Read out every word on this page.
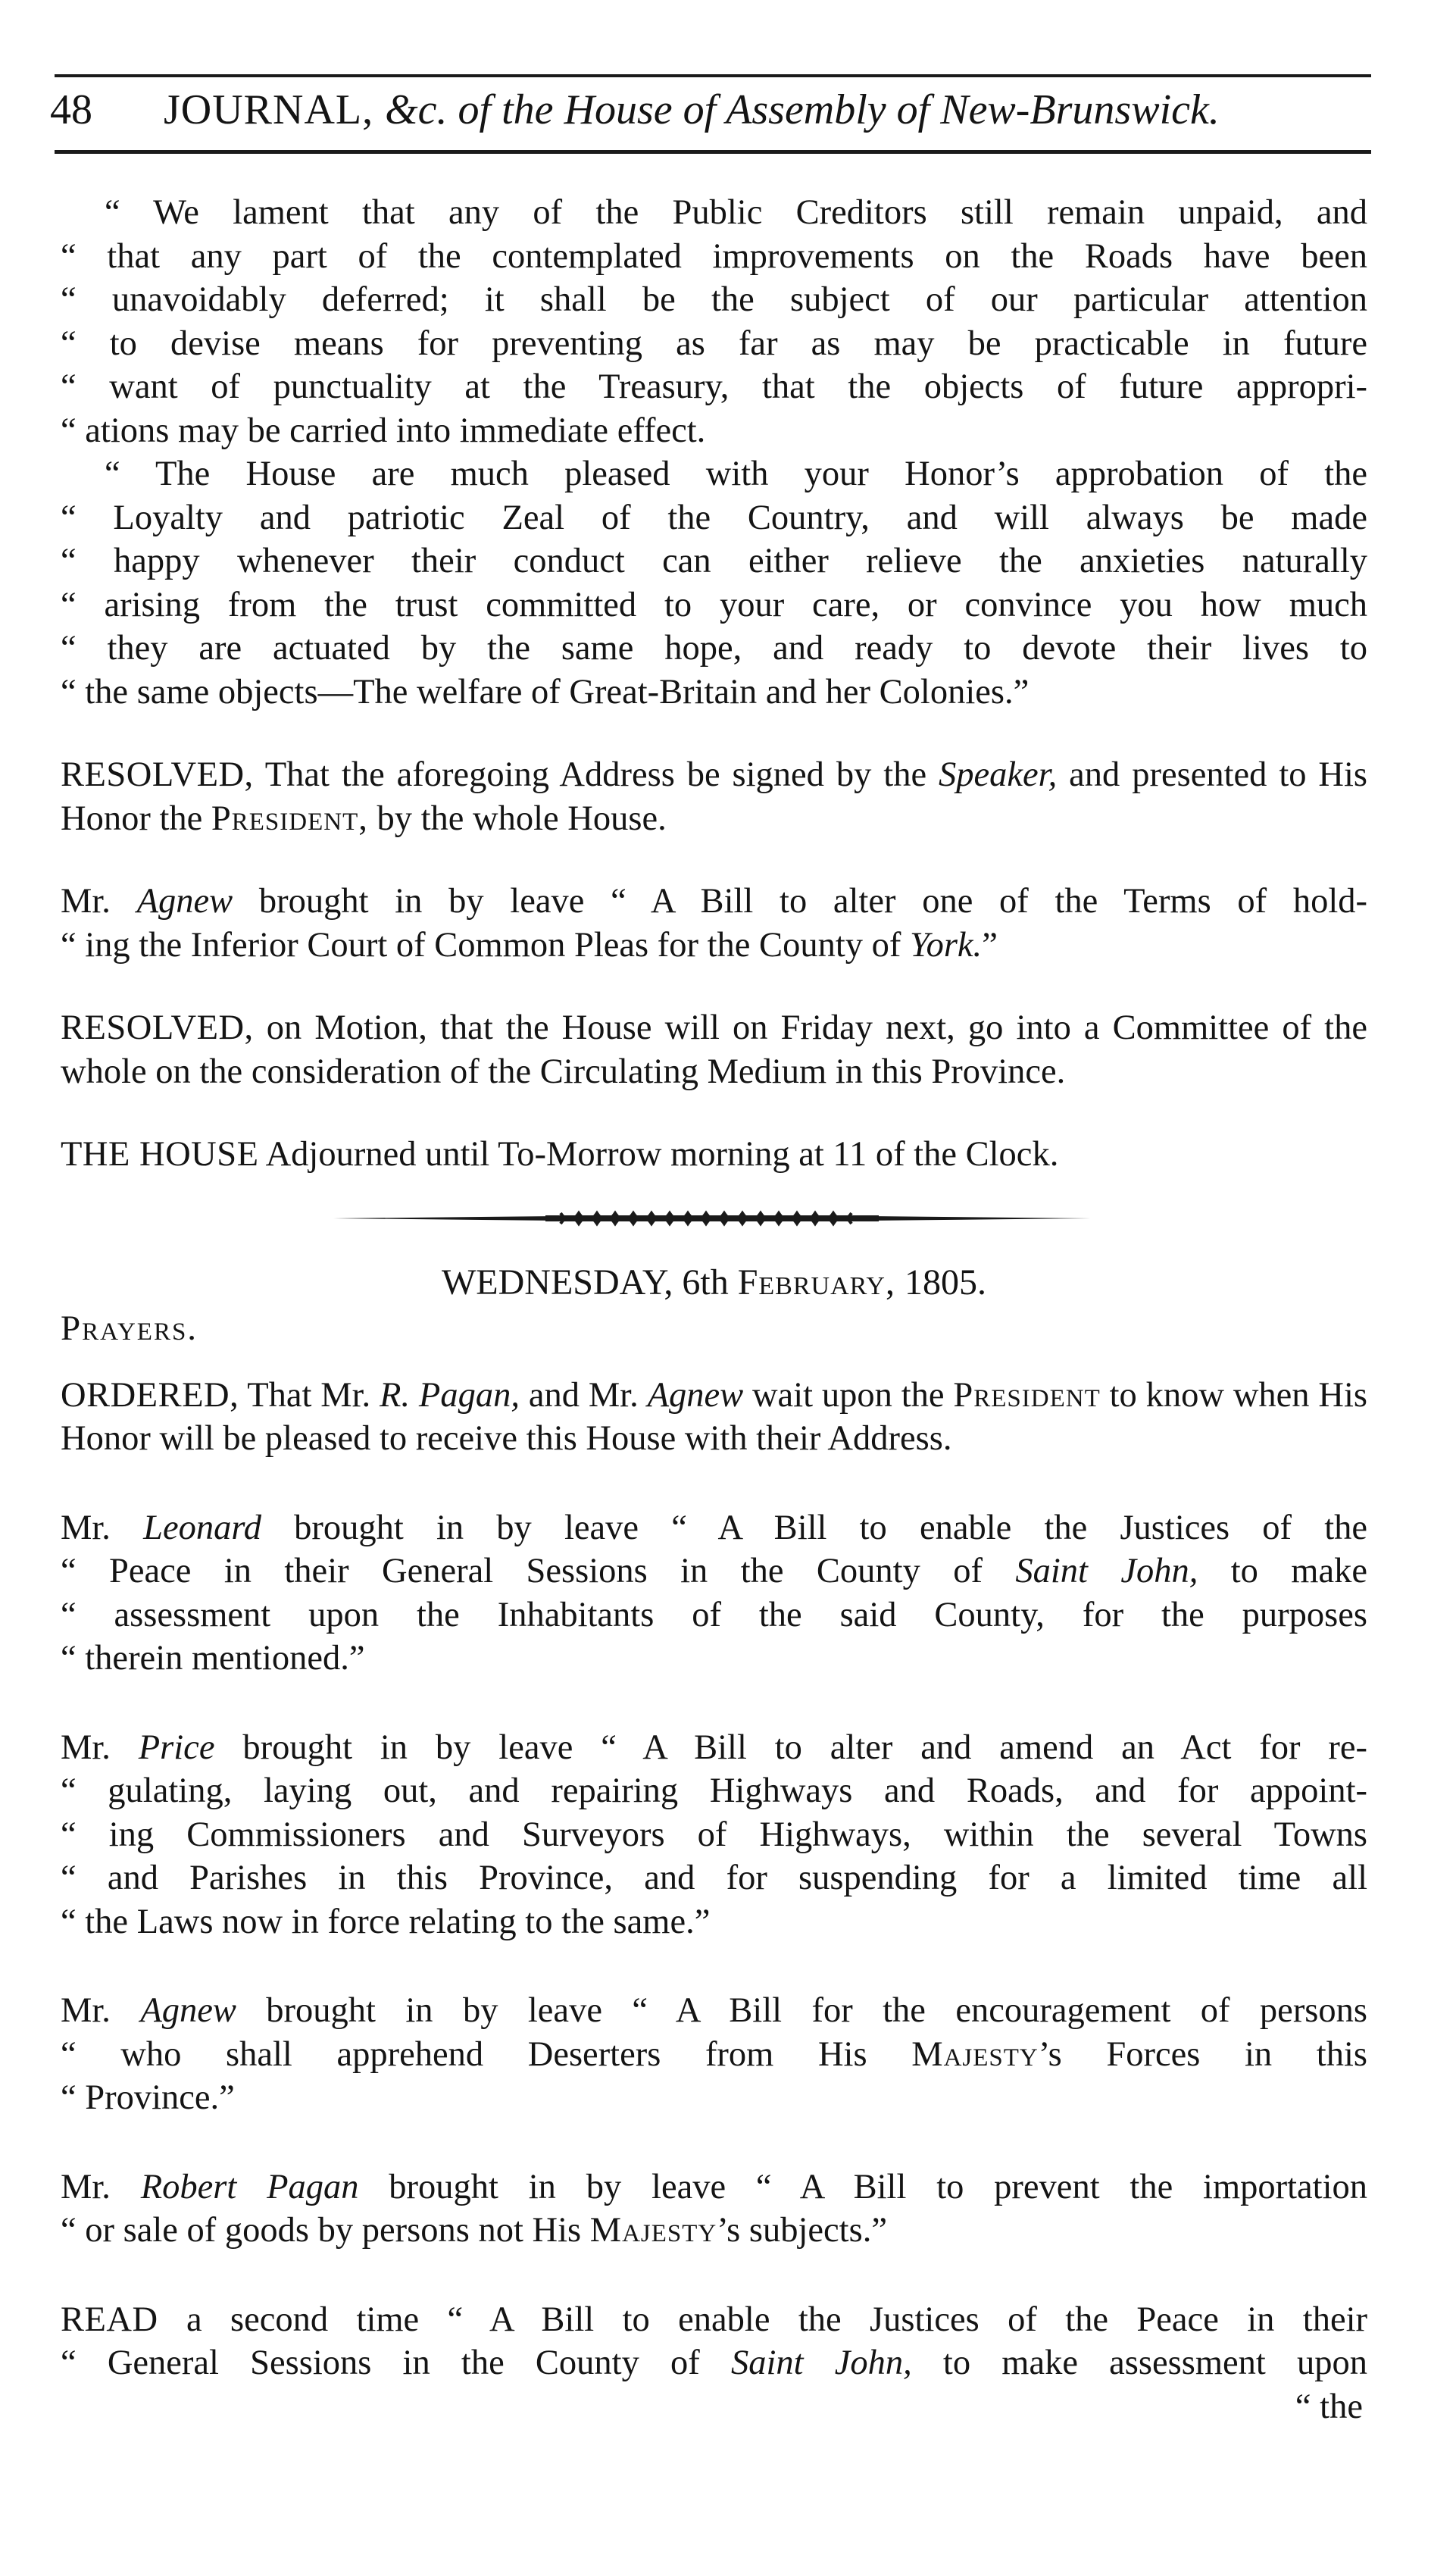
48 JOURNAL, &c. of the House of Assembly of New-Brunswick.

“ We lament that any of the Public Creditors still remain unpaid, and

“ that any part of the contemplated improvements on the Roads have been

“ unavoidably deferred; it shall be the subject of our particular attention

“ to devise means for preventing as far as may be practicable in future

“ want of punctuality at the Treasury, that the objects of future appropri-

“ ations may be carried into immediate effect.

“ The House are much pleased with your Honor’s approbation of the

“ Loyalty and patriotic Zeal of the Country, and will always be made

“ happy whenever their conduct can either relieve the anxieties naturally

“ arising from the trust committed to your care, or convince you how much

“ they are actuated by the same hope, and ready to devote their lives to

“ the same objects—The welfare of Great-Britain and her Colonies.”

RESOLVED, That the aforegoing Address be signed by the Speaker, and presented to His Honor the President, by the whole House.

Mr. Agnew brought in by leave “ A Bill to alter one of the Terms of hold-

“ ing the Inferior Court of Common Pleas for the County of York.”

RESOLVED, on Motion, that the House will on Friday next, go into a Committee of the whole on the consideration of the Circulating Medium in this Province.

THE HOUSE Adjourned until To-Morrow morning at 11 of the Clock.

WEDNESDAY, 6th February, 1805.

Prayers.

ORDERED, That Mr. R. Pagan, and Mr. Agnew wait upon the President to know when His Honor will be pleased to receive this House with their Address.

Mr. Leonard brought in by leave “ A Bill to enable the Justices of the

“ Peace in their General Sessions in the County of Saint John, to make

“ assessment upon the Inhabitants of the said County, for the purposes

“ therein mentioned.”

Mr. Price brought in by leave “ A Bill to alter and amend an Act for re-

“ gulating, laying out, and repairing Highways and Roads, and for appoint-

“ ing Commissioners and Surveyors of Highways, within the several Towns

“ and Parishes in this Province, and for suspending for a limited time all

“ the Laws now in force relating to the same.”

Mr. Agnew brought in by leave “ A Bill for the encouragement of persons

“ who shall apprehend Deserters from His Majesty’s Forces in this

“ Province.”

Mr. Robert Pagan brought in by leave “ A Bill to prevent the importation

“ or sale of goods by persons not His Majesty’s subjects.”

READ a second time “ A Bill to enable the Justices of the Peace in their

“ General Sessions in the County of Saint John, to make assessment upon

“ the
